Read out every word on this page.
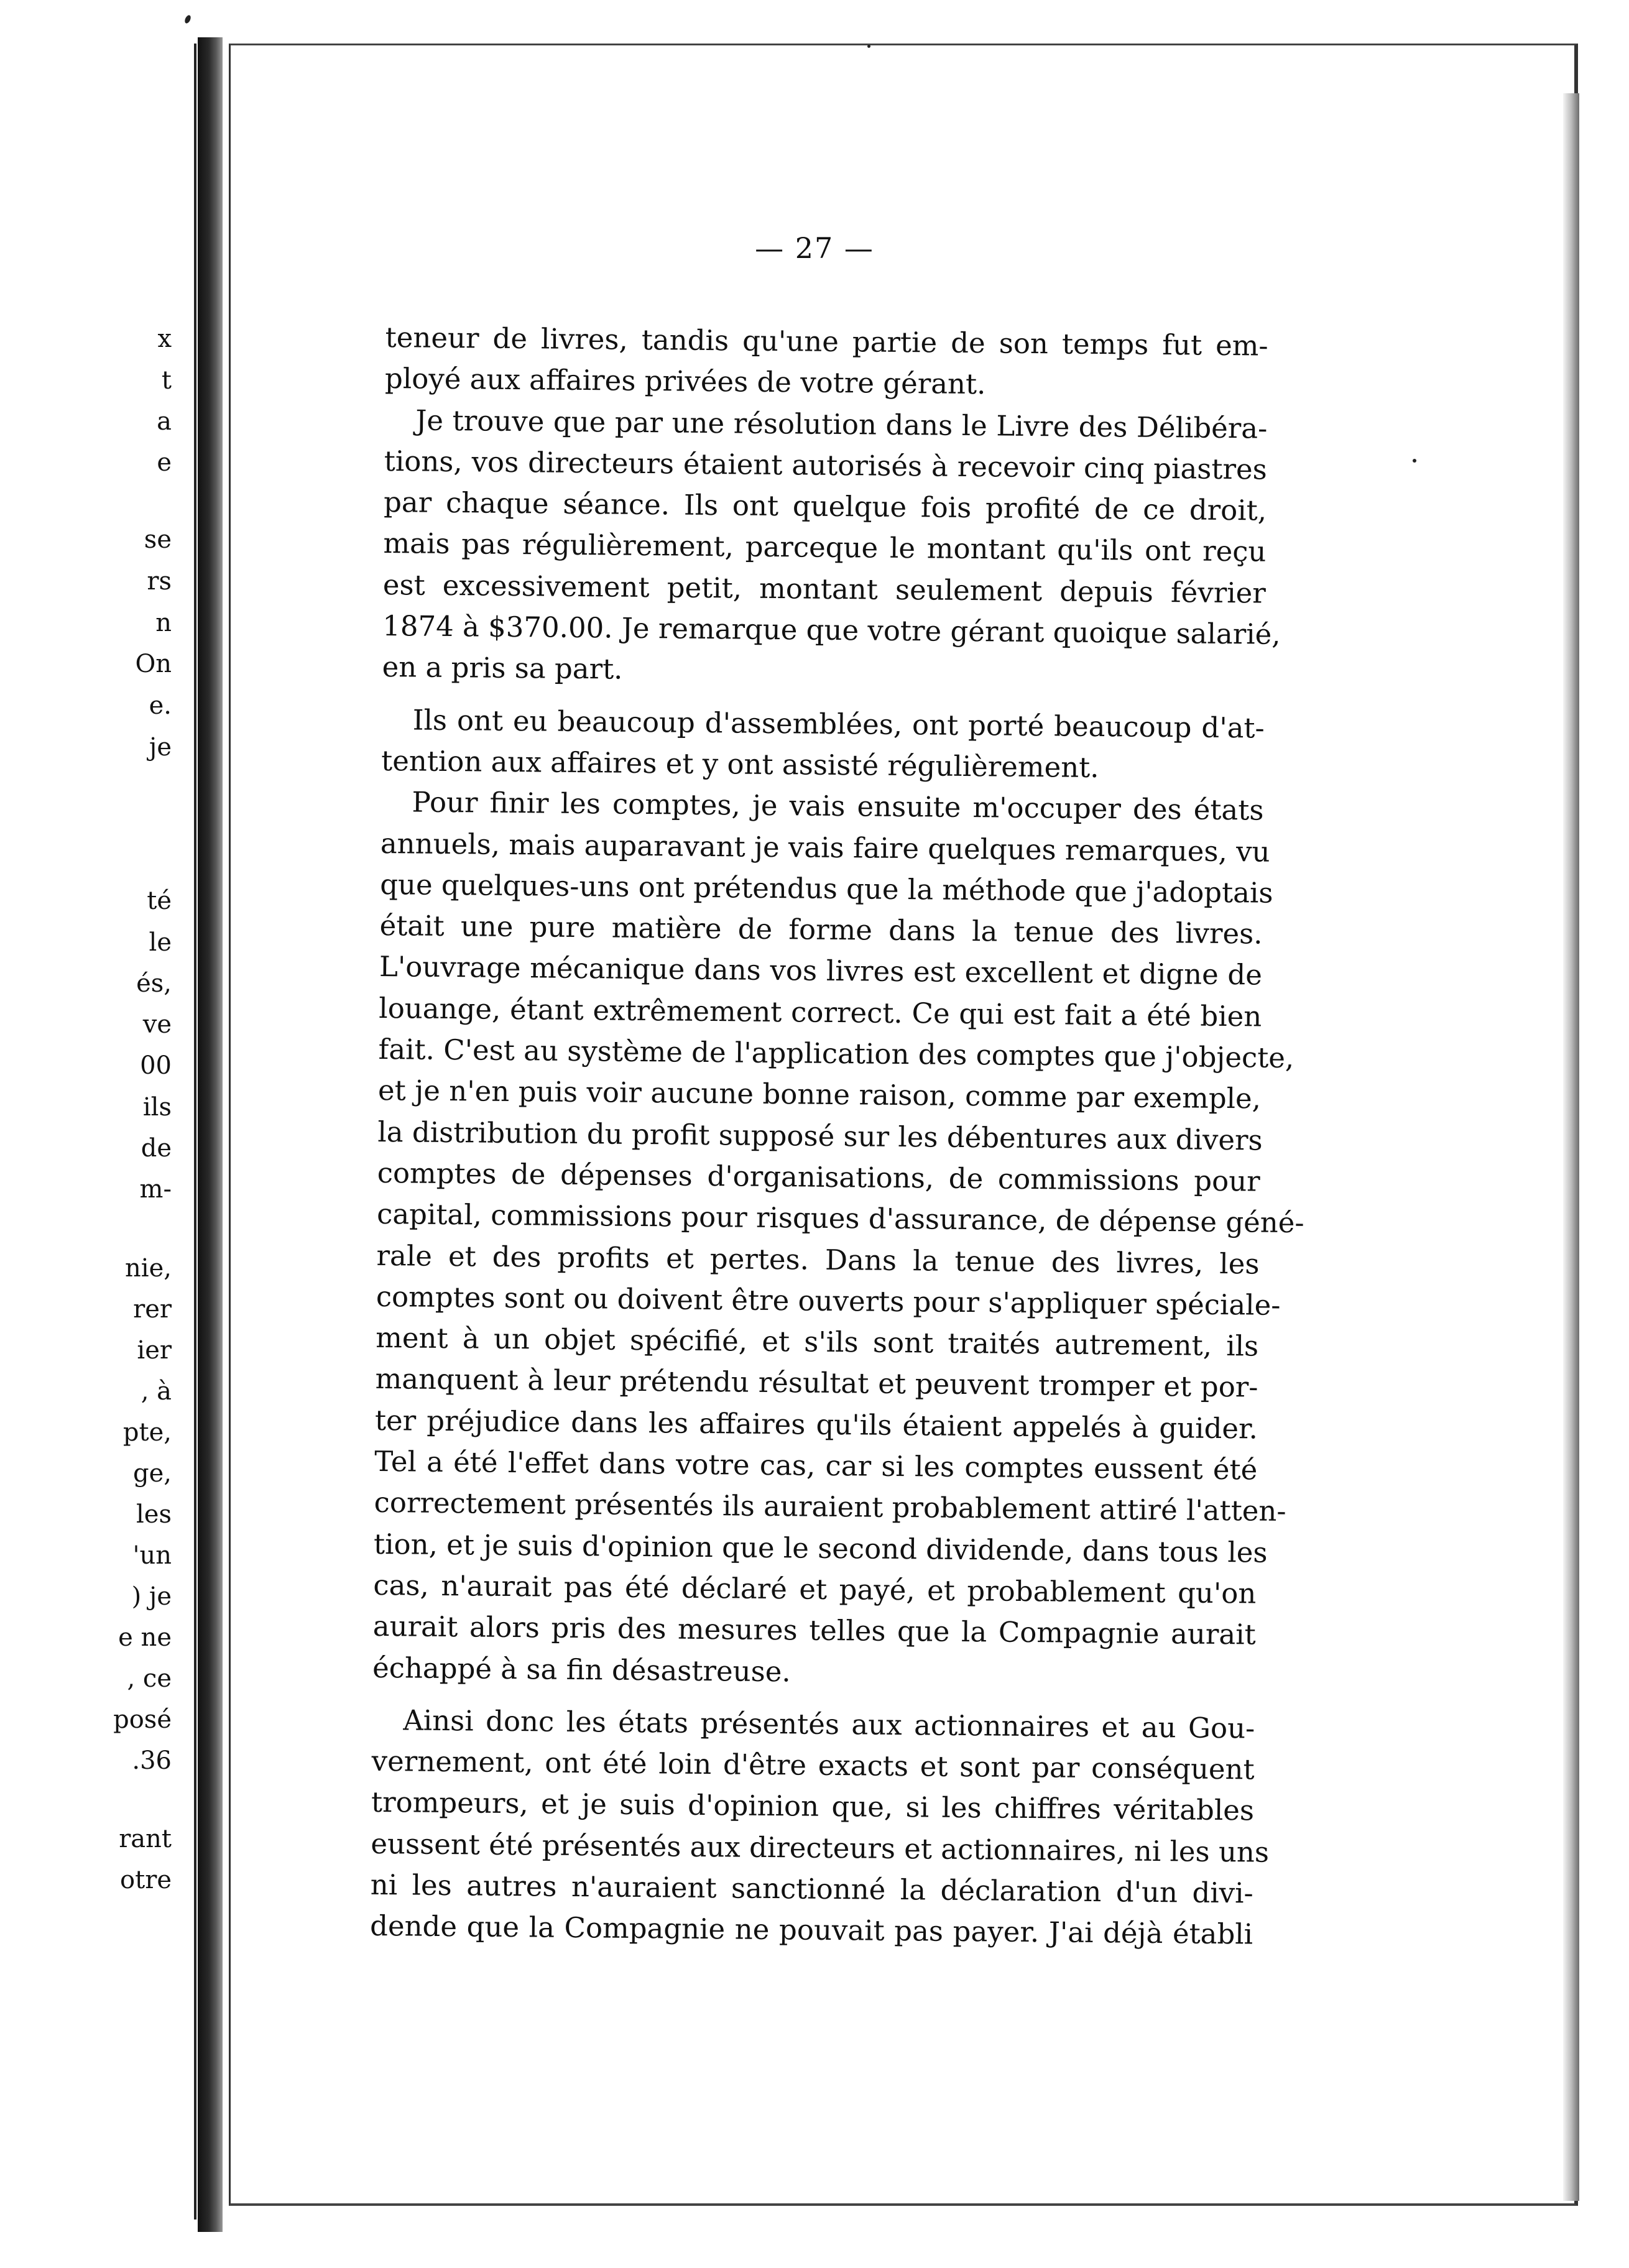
x
t
a
e
se
rs
n
On
e.
je
té
le
és,
ve
00
ils
de
m-
nie,
rer
ier
, à
pte,
ge,
les
'un
) je
e ne
, ce
posé
.36
rant
otre
— 27 —
teneur de livres, tandis qu'une partie de son temps fut em-
ployé aux affaires privées de votre gérant.
Je trouve que par une résolution dans le Livre des Délibéra-
tions, vos directeurs étaient autorisés à recevoir cinq piastres
par chaque séance. Ils ont quelque fois profité de ce droit,
mais pas régulièrement, parceque le montant qu'ils ont reçu
est excessivement petit, montant seulement depuis février
1874 à $370.00. Je remarque que votre gérant quoique salarié,
en a pris sa part.
Ils ont eu beaucoup d'assemblées, ont porté beaucoup d'at-
tention aux affaires et y ont assisté régulièrement.
Pour finir les comptes, je vais ensuite m'occuper des états
annuels, mais auparavant je vais faire quelques remarques, vu
que quelques-uns ont prétendus que la méthode que j'adoptais
était une pure matière de forme dans la tenue des livres.
L'ouvrage mécanique dans vos livres est excellent et digne de
louange, étant extrêmement correct. Ce qui est fait a été bien
fait. C'est au système de l'application des comptes que j'objecte,
et je n'en puis voir aucune bonne raison, comme par exemple,
la distribution du profit supposé sur les débentures aux divers
comptes de dépenses d'organisations, de commissions pour
capital, commissions pour risques d'assurance, de dépense géné-
rale et des profits et pertes. Dans la tenue des livres, les
comptes sont ou doivent être ouverts pour s'appliquer spéciale-
ment à un objet spécifié, et s'ils sont traités autrement, ils
manquent à leur prétendu résultat et peuvent tromper et por-
ter préjudice dans les affaires qu'ils étaient appelés à guider.
Tel a été l'effet dans votre cas, car si les comptes eussent été
correctement présentés ils auraient probablement attiré l'atten-
tion, et je suis d'opinion que le second dividende, dans tous les
cas, n'aurait pas été déclaré et payé, et probablement qu'on
aurait alors pris des mesures telles que la Compagnie aurait
échappé à sa fin désastreuse.
Ainsi donc les états présentés aux actionnaires et au Gou-
vernement, ont été loin d'être exacts et sont par conséquent
trompeurs, et je suis d'opinion que, si les chiffres véritables
eussent été présentés aux directeurs et actionnaires, ni les uns
ni les autres n'auraient sanctionné la déclaration d'un divi-
dende que la Compagnie ne pouvait pas payer. J'ai déjà établi
